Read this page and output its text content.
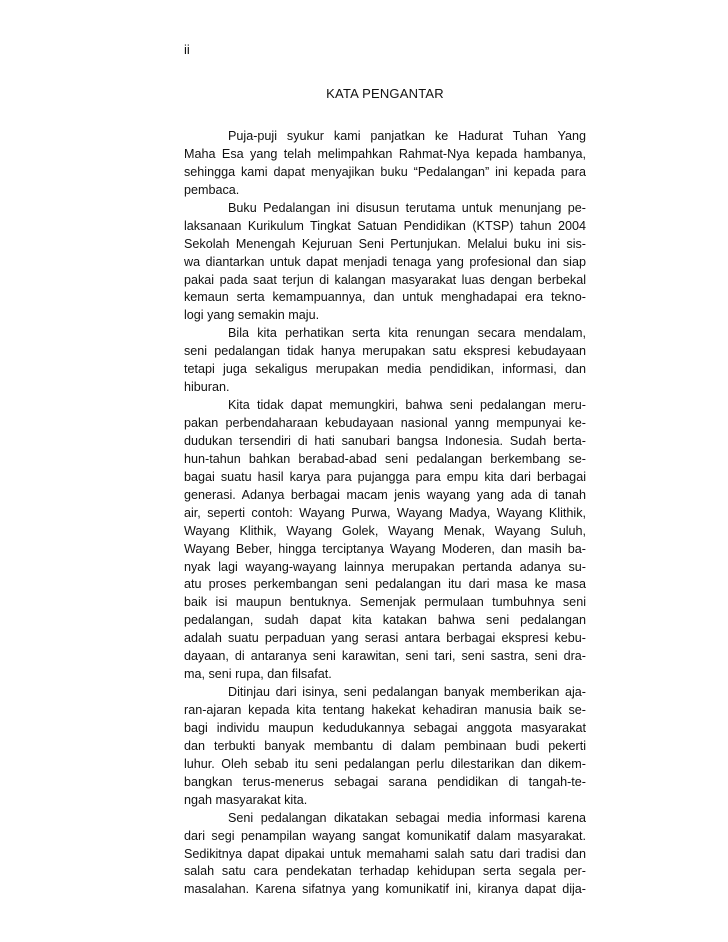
ii
KATA PENGANTAR
Puja-puji syukur kami panjatkan ke Hadurat Tuhan Yang
Maha Esa yang telah melimpahkan Rahmat-Nya kepada hambanya,
sehingga kami dapat menyajikan buku “Pedalangan” ini kepada para
pembaca.
Buku Pedalangan ini disusun terutama untuk menunjang pe-
laksanaan Kurikulum Tingkat Satuan Pendidikan (KTSP) tahun 2004
Sekolah Menengah Kejuruan Seni Pertunjukan. Melalui buku ini sis-
wa diantarkan untuk dapat menjadi tenaga yang profesional dan siap
pakai pada saat terjun di kalangan masyarakat luas dengan berbekal
kemaun serta kemampuannya, dan untuk menghadapai era tekno-
logi yang semakin maju.
Bila kita perhatikan serta kita renungan secara mendalam,
seni pedalangan tidak hanya merupakan satu ekspresi kebudayaan
tetapi juga sekaligus merupakan media pendidikan, informasi, dan
hiburan.
Kita tidak dapat memungkiri, bahwa seni pedalangan meru-
pakan perbendaharaan kebudayaan nasional yanng mempunyai ke-
dudukan tersendiri di hati sanubari bangsa Indonesia. Sudah berta-
hun-tahun bahkan berabad-abad seni pedalangan berkembang se-
bagai suatu hasil karya para pujangga para empu kita dari berbagai
generasi. Adanya berbagai macam jenis wayang yang ada di tanah
air, seperti contoh: Wayang Purwa, Wayang Madya, Wayang Klithik,
Wayang Klithik, Wayang Golek, Wayang Menak, Wayang Suluh,
Wayang Beber, hingga terciptanya Wayang Moderen, dan masih ba-
nyak lagi wayang-wayang lainnya merupakan pertanda adanya su-
atu proses perkembangan seni pedalangan itu dari masa ke masa
baik isi maupun bentuknya. Semenjak permulaan tumbuhnya seni
pedalangan, sudah dapat kita katakan bahwa seni pedalangan
adalah suatu perpaduan yang serasi antara berbagai ekspresi kebu-
dayaan, di antaranya seni karawitan, seni tari, seni sastra, seni dra-
ma, seni rupa, dan filsafat.
Ditinjau dari isinya, seni pedalangan banyak memberikan aja-
ran-ajaran kepada kita tentang hakekat kehadiran manusia baik se-
bagi individu maupun kedudukannya sebagai anggota masyarakat
dan terbukti banyak membantu di dalam pembinaan budi pekerti
luhur. Oleh sebab itu seni pedalangan perlu dilestarikan dan dikem-
bangkan terus-menerus sebagai sarana pendidikan di tangah-te-
ngah masyarakat kita.
Seni pedalangan dikatakan sebagai media informasi karena
dari segi penampilan wayang sangat komunikatif dalam masyarakat.
Sedikitnya dapat dipakai untuk memahami salah satu dari tradisi dan
salah satu cara pendekatan terhadap kehidupan serta segala per-
masalahan. Karena sifatnya yang komunikatif ini, kiranya dapat dija-
